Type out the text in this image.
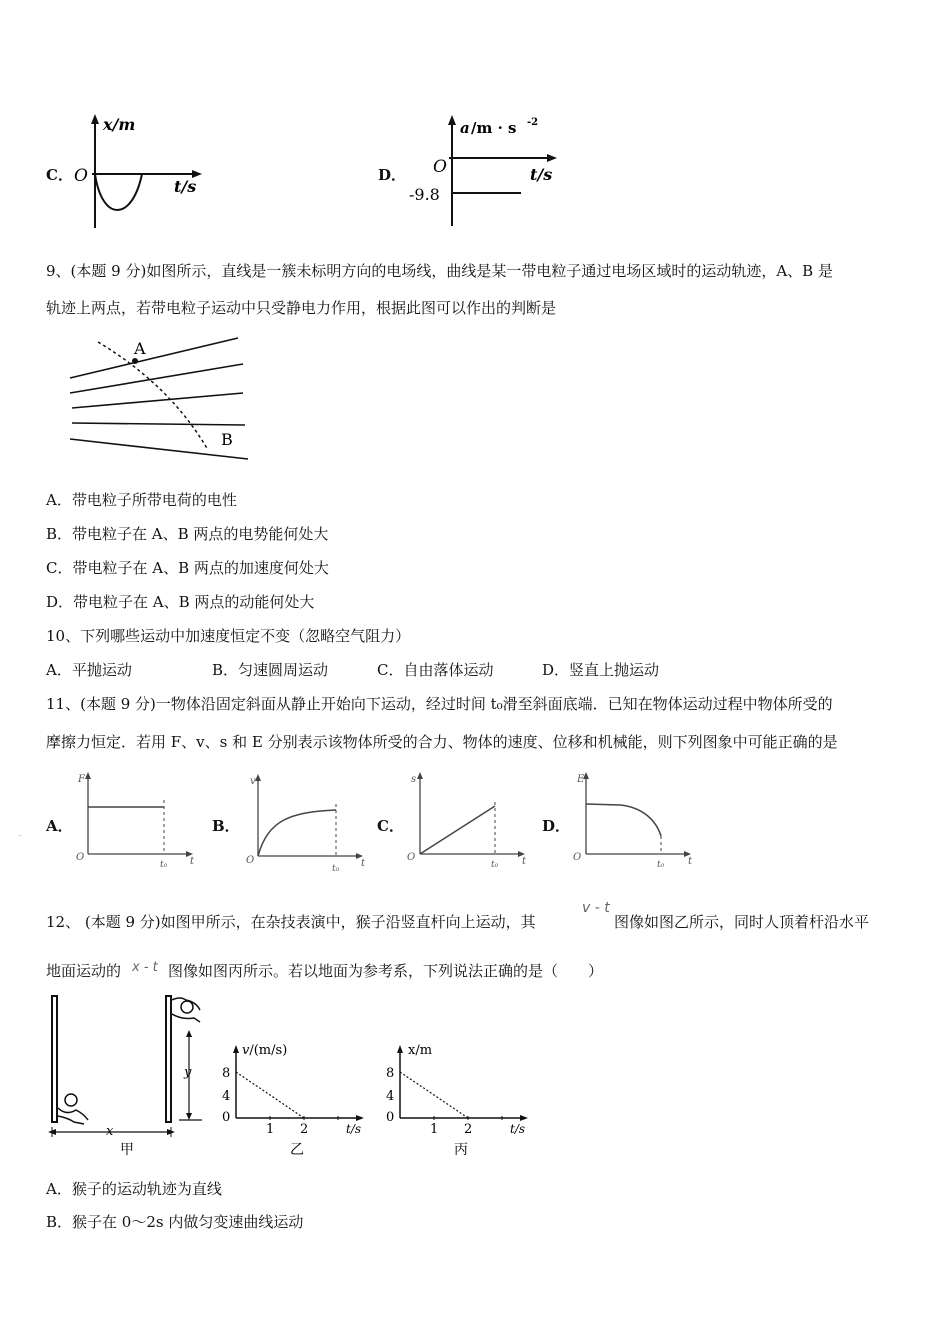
C．
x/m
O
t/s
D．
a /m · s -2
O	t/s
-9.8
9、(本题 9 分)如图所示，直线是一簇未标明方向的电场线，曲线是某一带电粒子通过电场区域时的运动轨迹，A、B 是
轨迹上两点，若带电粒子运动中只受静电力作用，根据此图可以作出的判断是
A
B
A．带电粒子所带电荷的电性
B．带电粒子在 A、B 两点的电势能何处大
C．带电粒子在 A、B 两点的加速度何处大
D．带电粒子在 A、B 两点的动能何处大
10、下列哪些运动中加速度恒定不变（忽略空气阻力）
A．平抛运动	B．匀速圆周运动	C．自由落体运动	D．竖直上抛运动
11、(本题 9 分)一物体沿固定斜面从静止开始向下运动，经过时间 t₀滑至斜面底端．已知在物体运动过程中物体所受的
摩擦力恒定．若用 F、v、s 和 E 分别表示该物体所受的合力、物体的速度、位移和机械能，则下列图象中可能正确的是
A．
F
O	t
t₀
B．
v
O	t
t₀
C．
s
O	t
t₀
D．
E
O	t
t₀
12、 (本题 9 分)如图甲所示，在杂技表演中，猴子沿竖直杆向上运动，其
v - t
图像如图乙所示，同时人顶着杆沿水平
地面运动的 x - t 图像如图丙所示。若以地面为参考系，下列说法正确的是（　　）
y
x
甲
v/(m/s)
v/(m/s)
8
4
0
1 2	t/s
乙
x/m
8
4
0
1 2	t/s
丙
A．猴子的运动轨迹为直线
B．猴子在 0～2s 内做匀变速曲线运动
